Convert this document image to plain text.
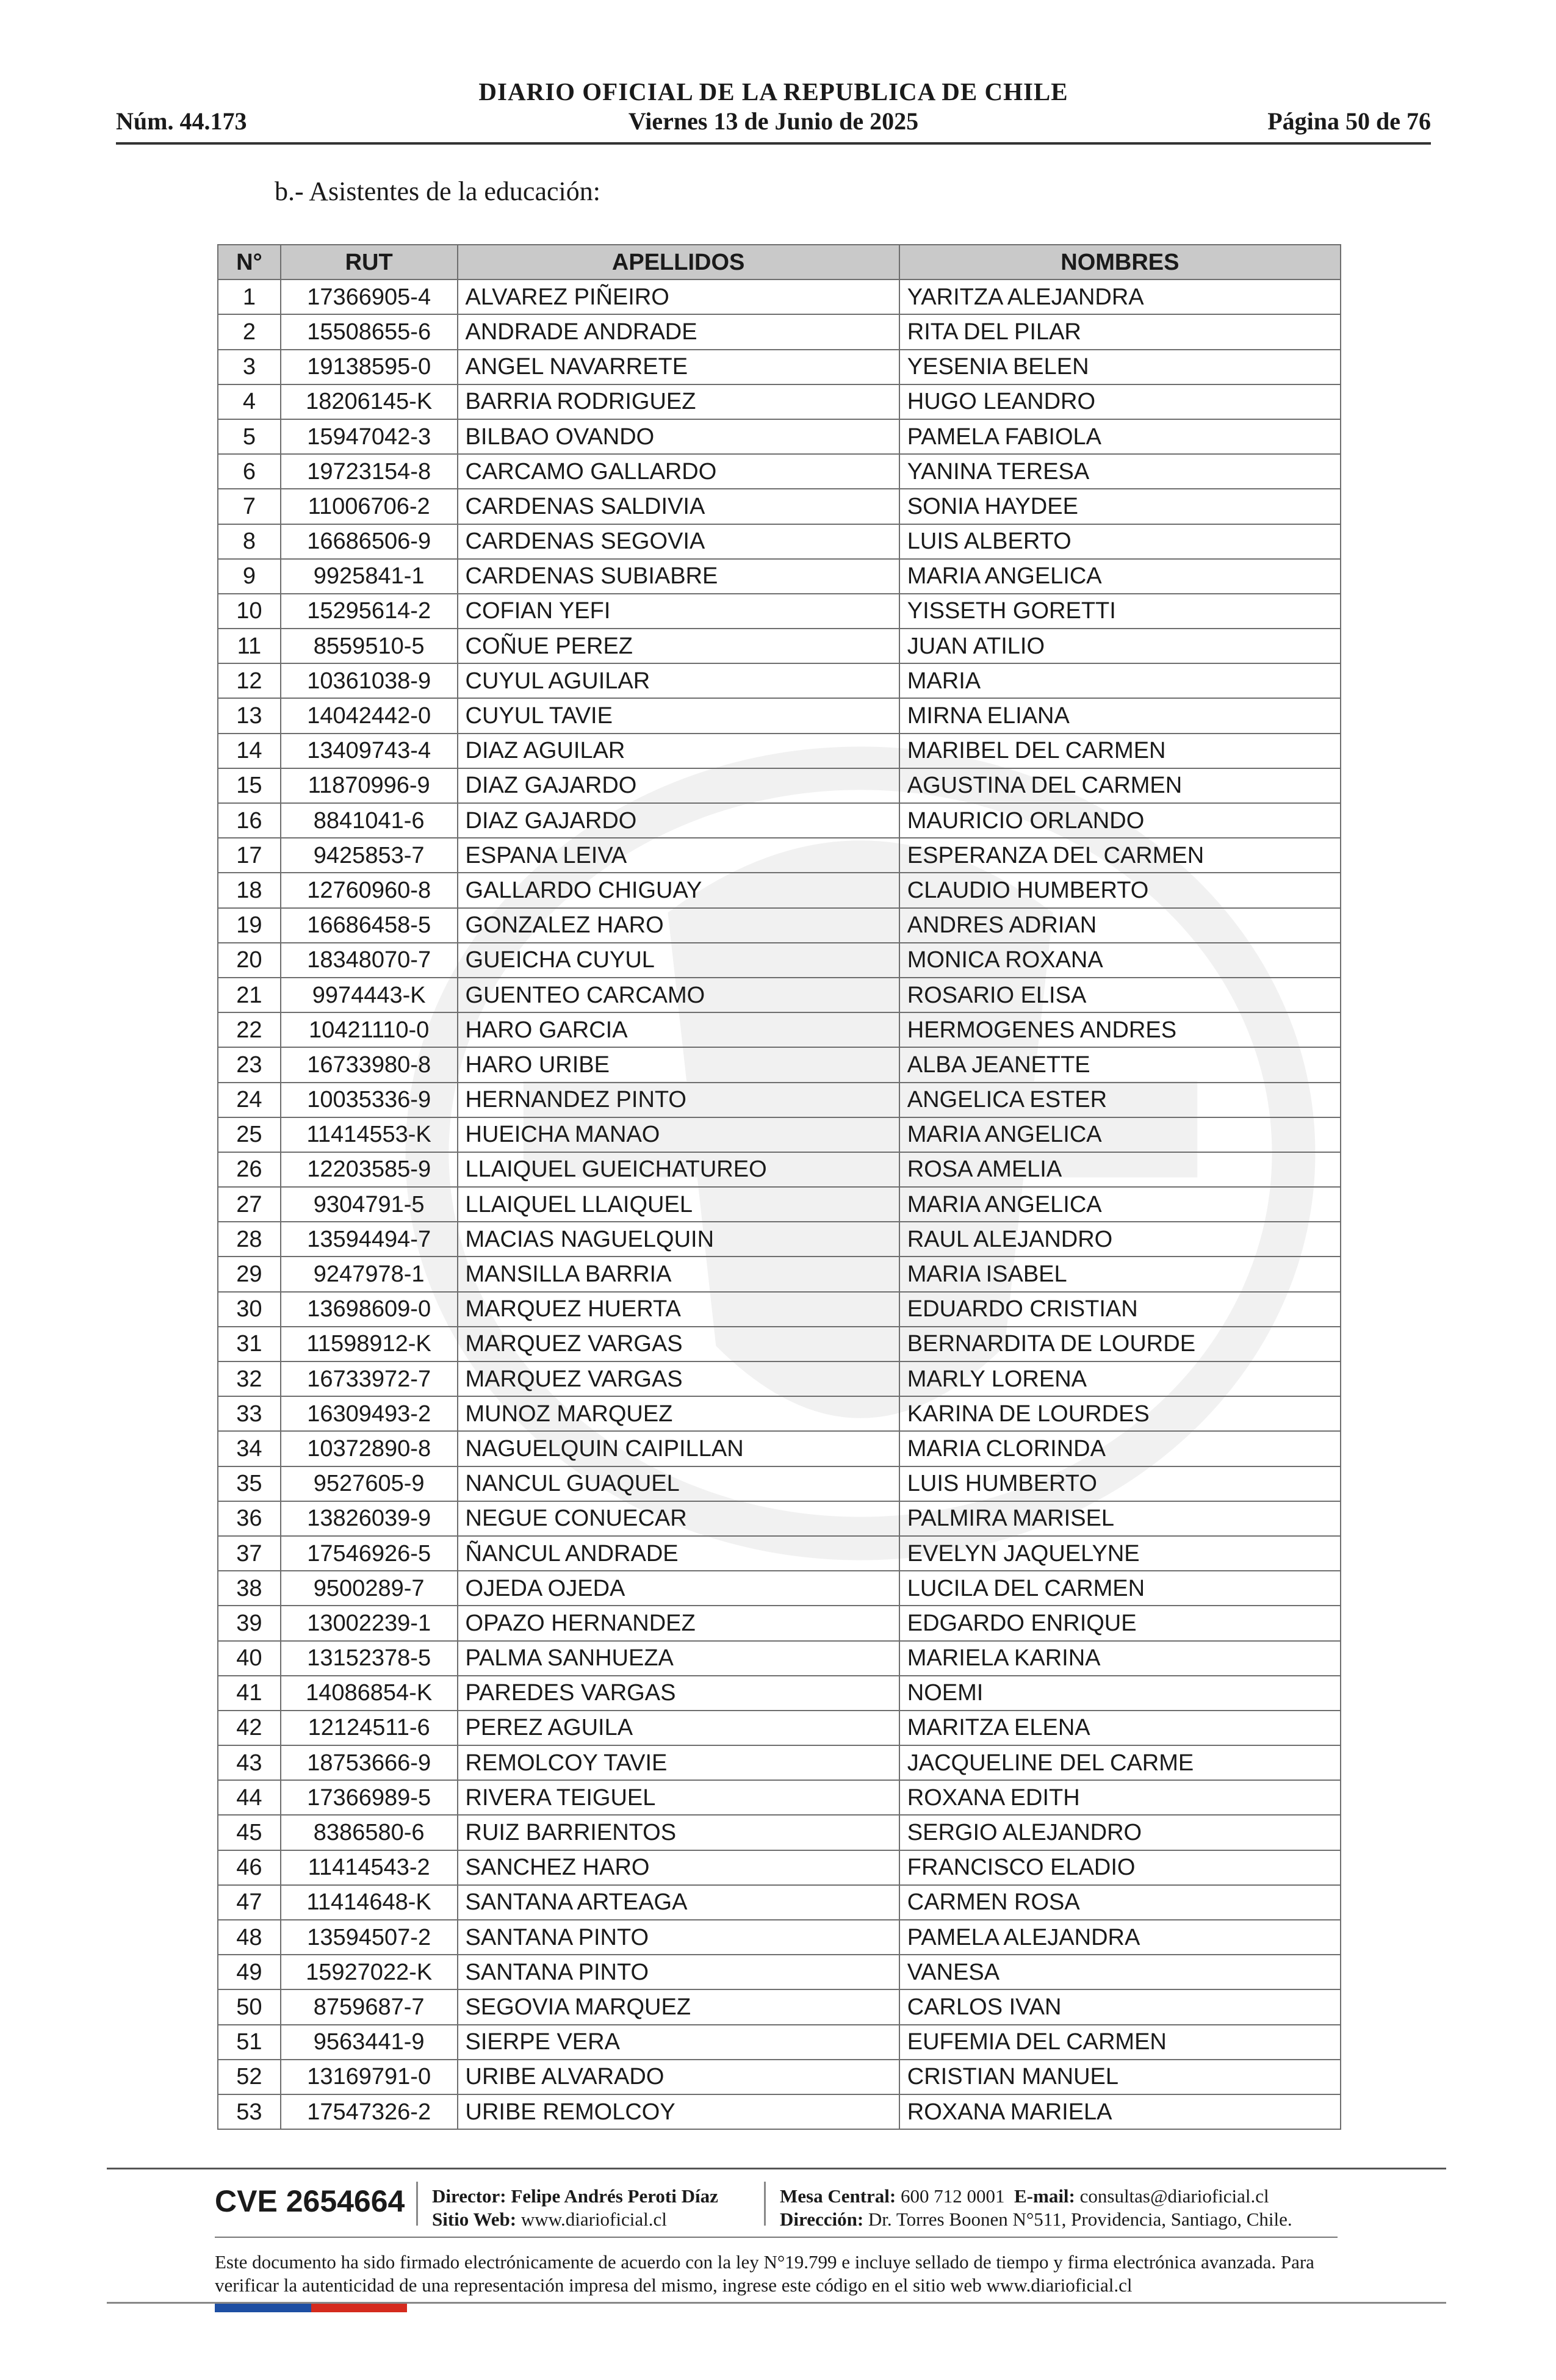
Núm. 44.173
DIARIO OFICIAL DE LA REPUBLICA DE CHILE
Viernes 13 de Junio de 2025	Página 50 de 76
b.- Asistentes de la educación:
N°	RUT	APELLIDOS	NOMBRES
1	17366905-4	ALVAREZ PIÑEIRO	YARITZA ALEJANDRA
2	15508655-6	ANDRADE ANDRADE	RITA DEL PILAR
3	19138595-0	ANGEL NAVARRETE	YESENIA BELEN
4	18206145-K	BARRIA RODRIGUEZ	HUGO LEANDRO
5	15947042-3	BILBAO OVANDO	PAMELA FABIOLA
6	19723154-8	CARCAMO GALLARDO	YANINA TERESA
7	11006706-2	CARDENAS SALDIVIA	SONIA HAYDEE
8	16686506-9	CARDENAS SEGOVIA	LUIS ALBERTO
9	9925841-1	CARDENAS SUBIABRE	MARIA ANGELICA
10	15295614-2	COFIAN YEFI	YISSETH GORETTI
11	8559510-5	COÑUE PEREZ	JUAN ATILIO
12	10361038-9	CUYUL AGUILAR	MARIA
13	14042442-0	CUYUL TAVIE	MIRNA ELIANA
14	13409743-4	DIAZ AGUILAR	MARIBEL DEL CARMEN
15	11870996-9	DIAZ GAJARDO	AGUSTINA DEL CARMEN
16	8841041-6	DIAZ GAJARDO	MAURICIO ORLANDO
17	9425853-7	ESPANA LEIVA	ESPERANZA DEL CARMEN
18	12760960-8	GALLARDO CHIGUAY	CLAUDIO HUMBERTO
19	16686458-5	GONZALEZ HARO	ANDRES ADRIAN
20	18348070-7	GUEICHA CUYUL	MONICA ROXANA
21	9974443-K	GUENTEO CARCAMO	ROSARIO ELISA
22	10421110-0	HARO GARCIA	HERMOGENES ANDRES
23	16733980-8	HARO URIBE	ALBA JEANETTE
24	10035336-9	HERNANDEZ PINTO	ANGELICA ESTER
25	11414553-K	HUEICHA MANAO	MARIA ANGELICA
26	12203585-9	LLAIQUEL GUEICHATUREO	ROSA AMELIA
27	9304791-5	LLAIQUEL LLAIQUEL	MARIA ANGELICA
28	13594494-7	MACIAS NAGUELQUIN	RAUL ALEJANDRO
29	9247978-1	MANSILLA BARRIA	MARIA ISABEL
30	13698609-0	MARQUEZ HUERTA	EDUARDO CRISTIAN
31	11598912-K	MARQUEZ VARGAS	BERNARDITA DE LOURDE
32	16733972-7	MARQUEZ VARGAS	MARLY LORENA
33	16309493-2	MUNOZ MARQUEZ	KARINA DE LOURDES
34	10372890-8	NAGUELQUIN CAIPILLAN	MARIA CLORINDA
35	9527605-9	NANCUL GUAQUEL	LUIS HUMBERTO
36	13826039-9	NEGUE CONUECAR	PALMIRA MARISEL
37	17546926-5	ÑANCUL ANDRADE	EVELYN JAQUELYNE
38	9500289-7	OJEDA OJEDA	LUCILA DEL CARMEN
39	13002239-1	OPAZO HERNANDEZ	EDGARDO ENRIQUE
40	13152378-5	PALMA SANHUEZA	MARIELA KARINA
41	14086854-K	PAREDES VARGAS	NOEMI
42	12124511-6	PEREZ AGUILA	MARITZA ELENA
43	18753666-9	REMOLCOY TAVIE	JACQUELINE DEL CARME
44	17366989-5	RIVERA TEIGUEL	ROXANA EDITH
45	8386580-6	RUIZ BARRIENTOS	SERGIO ALEJANDRO
46	11414543-2	SANCHEZ HARO	FRANCISCO ELADIO
47	11414648-K	SANTANA ARTEAGA	CARMEN ROSA
48	13594507-2	SANTANA PINTO	PAMELA ALEJANDRA
49	15927022-K	SANTANA PINTO	VANESA
50	8759687-7	SEGOVIA MARQUEZ	CARLOS IVAN
51	9563441-9	SIERPE VERA	EUFEMIA DEL CARMEN
52	13169791-0	URIBE ALVARADO	CRISTIAN MANUEL
53	17547326-2	URIBE REMOLCOY	ROXANA MARIELA
CVE 2654664 Director: Felipe Andrés Peroti Díaz
Sitio Web: www.diarioficial.cl
Mesa Central: 600 712 0001 E-mail: consultas@diarioficial.cl
Dirección: Dr. Torres Boonen N°511, Providencia, Santiago, Chile.
Este documento ha sido firmado electrónicamente de acuerdo con la ley N°19.799 e incluye sellado de tiempo y firma electrónica avanzada. Para verificar la autenticidad de una representación impresa del mismo, ingrese este código en el sitio web www.diarioficial.cl
